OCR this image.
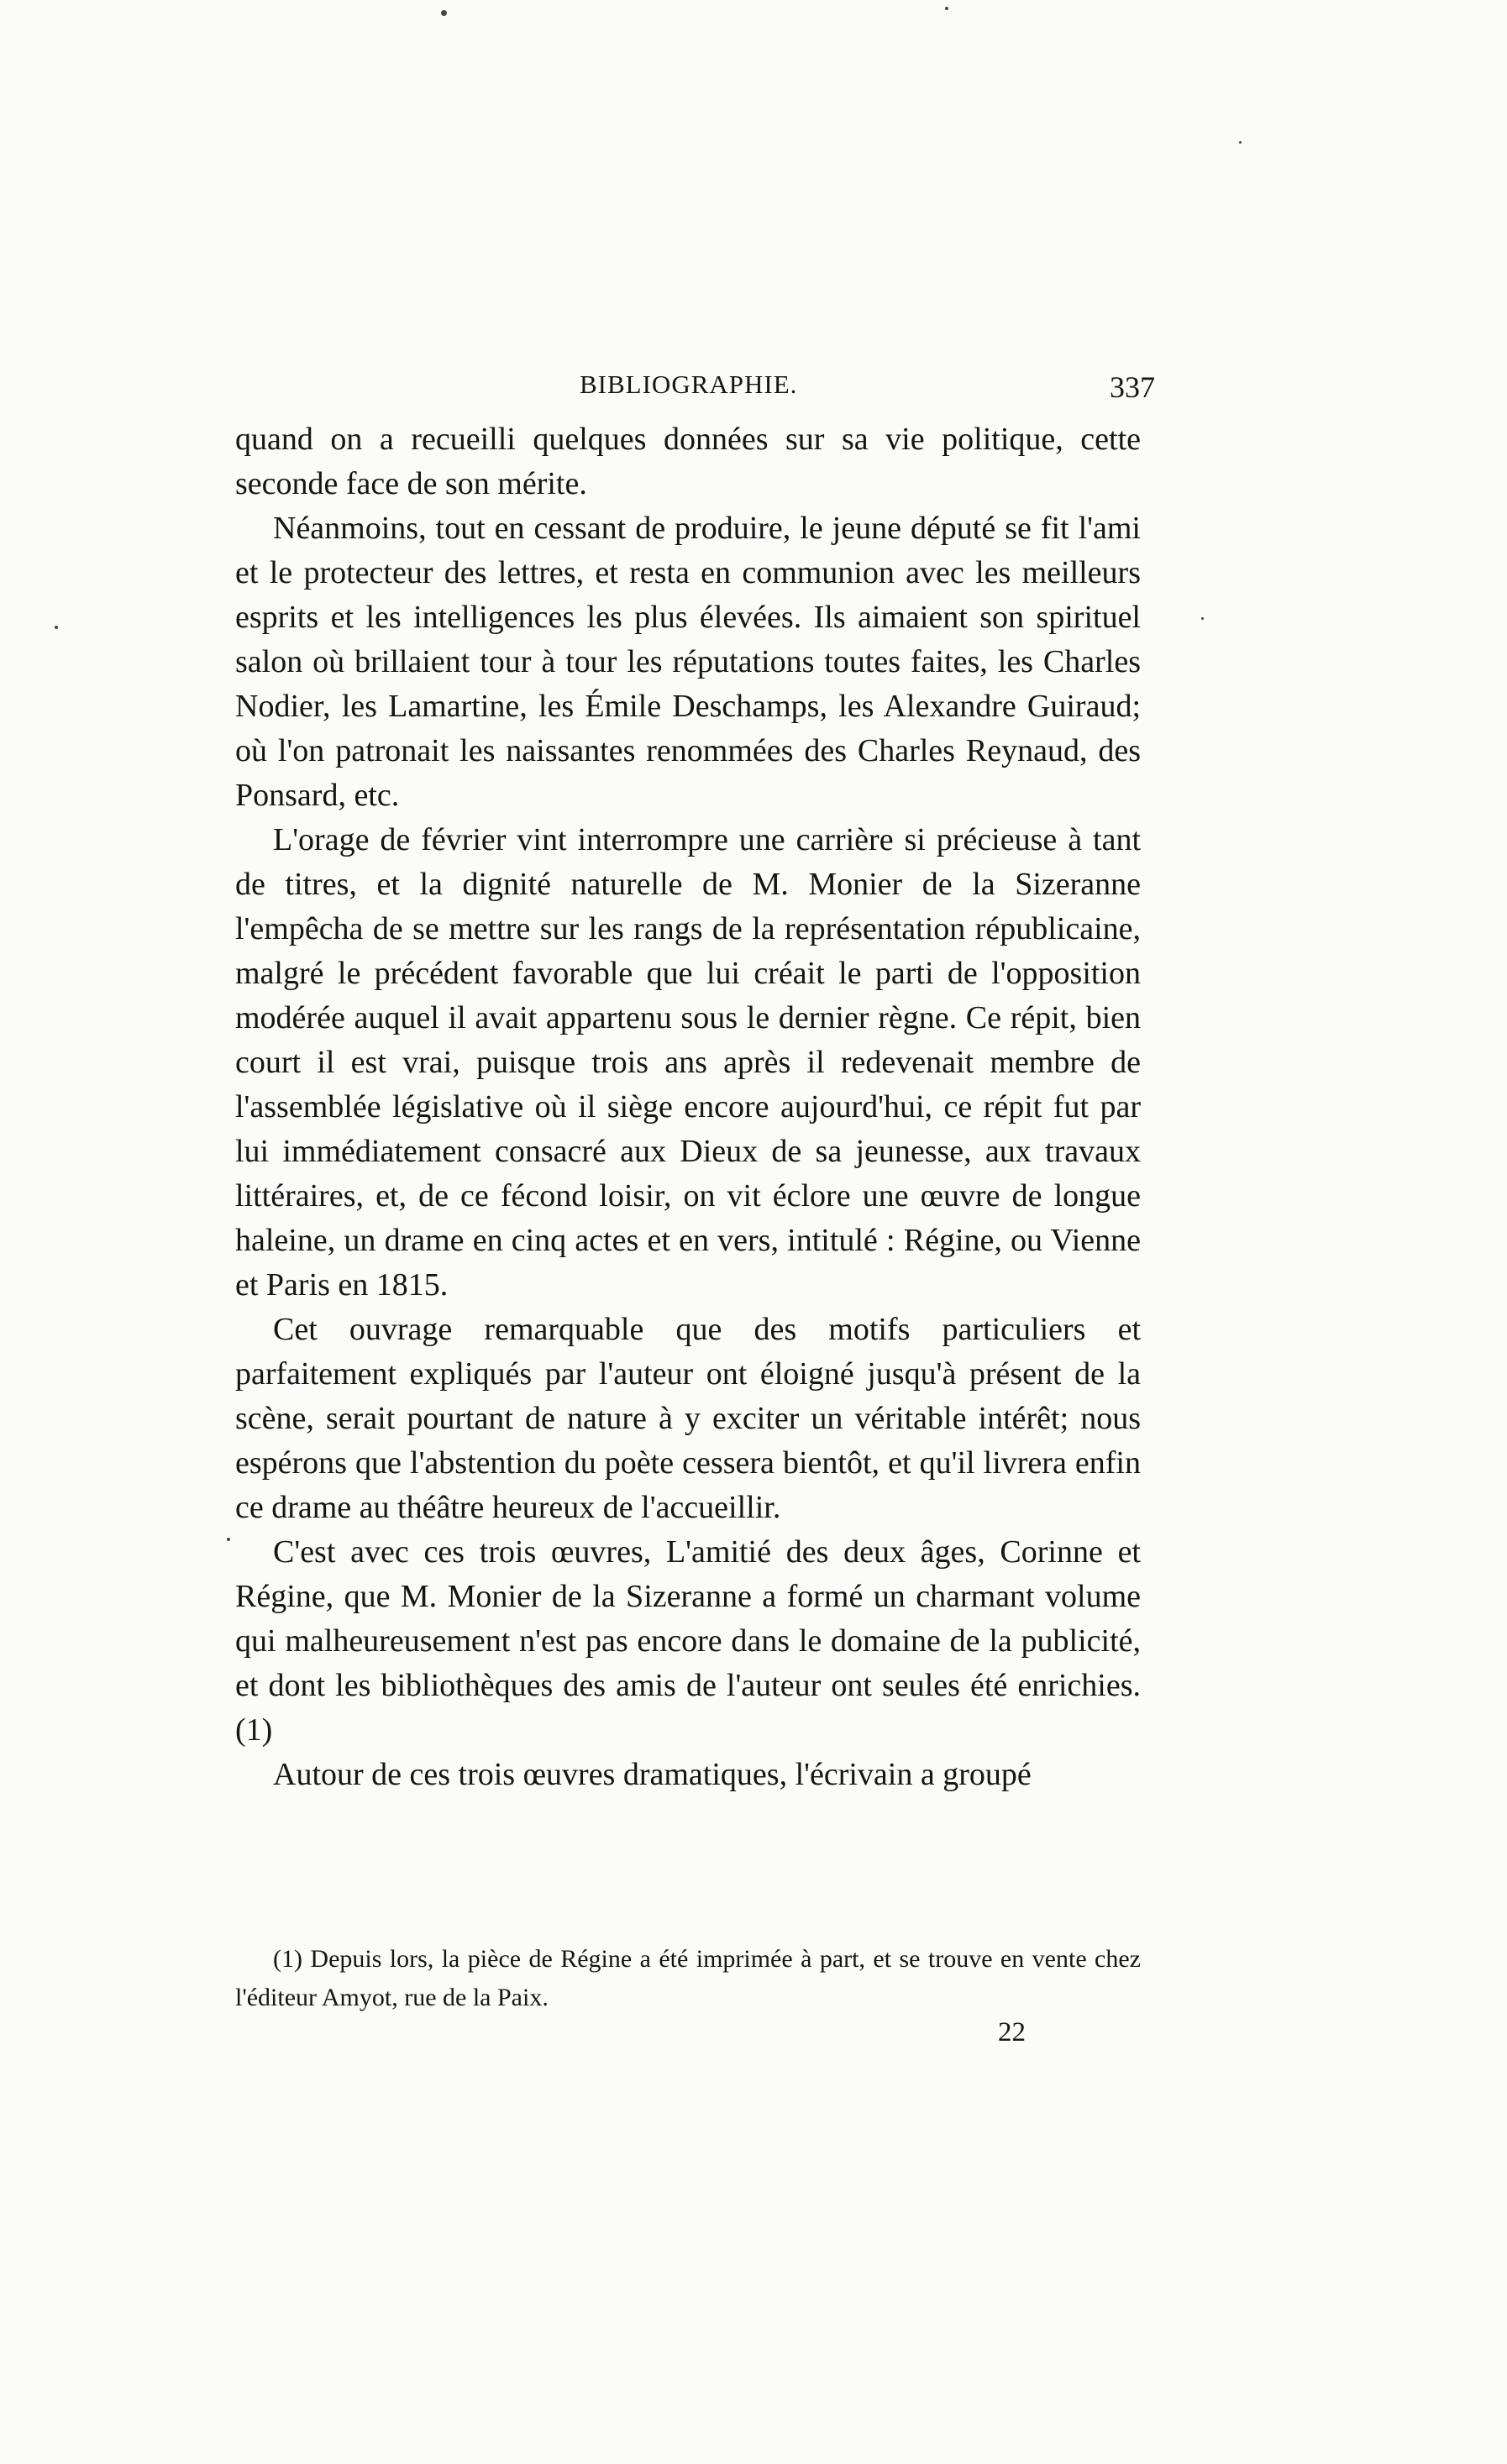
BIBLIOGRAPHIE.	337

quand on a recueilli quelques données sur sa vie politique, cette seconde face de son mérite.

Néanmoins, tout en cessant de produire, le jeune député se fit l'ami et le protecteur des lettres, et resta en communion avec les meilleurs esprits et les intelligences les plus élevées. Ils aimaient son spirituel salon où brillaient tour à tour les réputations toutes faites, les Charles Nodier, les Lamartine, les Émile Deschamps, les Alexandre Guiraud; où l'on patronait les naissantes renommées des Charles Reynaud, des Ponsard, etc.

L'orage de février vint interrompre une carrière si précieuse à tant de titres, et la dignité naturelle de M. Monier de la Sizeranne l'empêcha de se mettre sur les rangs de la représentation républicaine, malgré le précédent favorable que lui créait le parti de l'opposition modérée auquel il avait appartenu sous le dernier règne. Ce répit, bien court il est vrai, puisque trois ans après il redevenait membre de l'assemblée législative où il siège encore aujourd'hui, ce répit fut par lui immédiatement consacré aux Dieux de sa jeunesse, aux travaux littéraires, et, de ce fécond loisir, on vit éclore une œuvre de longue haleine, un drame en cinq actes et en vers, intitulé : Régine, ou Vienne et Paris en 1815.

Cet ouvrage remarquable que des motifs particuliers et parfaitement expliqués par l'auteur ont éloigné jusqu'à présent de la scène, serait pourtant de nature à y exciter un véritable intérêt; nous espérons que l'abstention du poète cessera bientôt, et qu'il livrera enfin ce drame au théâtre heureux de l'accueillir.

C'est avec ces trois œuvres, L'amitié des deux âges, Corinne et Régine, que M. Monier de la Sizeranne a formé un charmant volume qui malheureusement n'est pas encore dans le domaine de la publicité, et dont les bibliothèques des amis de l'auteur ont seules été enrichies. (1)

Autour de ces trois œuvres dramatiques, l'écrivain a groupé

(1) Depuis lors, la pièce de Régine a été imprimée à part, et se trouve en vente chez l'éditeur Amyot, rue de la Paix.

22
